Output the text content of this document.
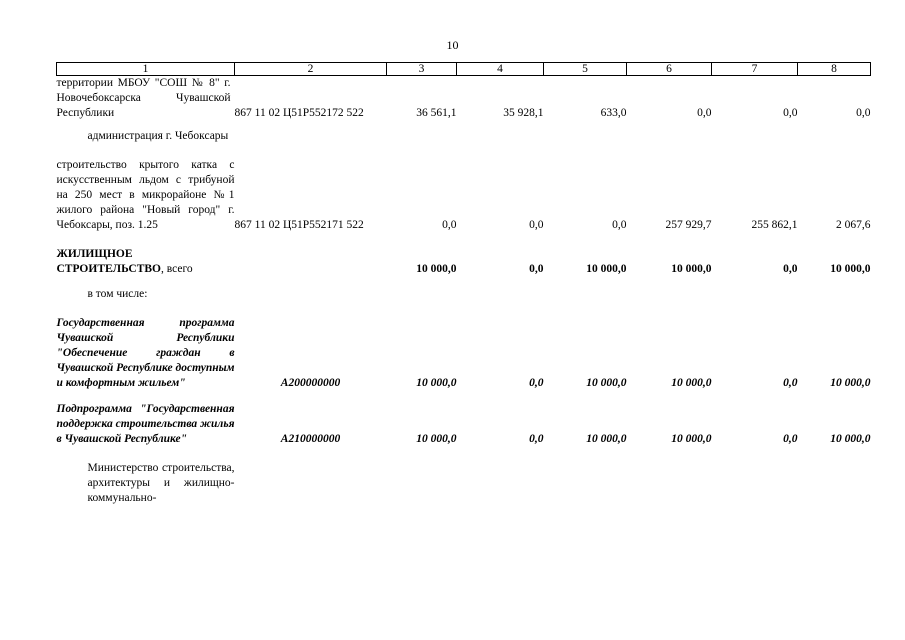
10
1	2	3	4	5	6	7	8
территории МБОУ "СОШ № 8" г. Новочебоксарска Чувашской Республики	867 11 02 Ц51Р552172 522	36 561,1	35 928,1	633,0	0,0	0,0	0,0

администрация г. Чебоксары							

строительство крытого катка с искусственным льдом с трибуной на 250 мест в микрорайоне №1 жилого района "Новый город" г. Чебоксары, поз. 1.25	867 11 02 Ц51Р552171 522	0,0	0,0	0,0	257 929,7	255 862,1	2 067,6

ЖИЛИЩНОЕ СТРОИТЕЛЬСТВО, всего		10 000,0	0,0	10 000,0	10 000,0	0,0	10 000,0

в том числе:							

Государственная программа Чувашской Республики "Обеспечение граждан в Чувашской Республике доступным и комфортным жильем"	А200000000	10 000,0	0,0	10 000,0	10 000,0	0,0	10 000,0

Подпрограмма "Государственная поддержка строительства жилья в Чувашской Республике"	А210000000	10 000,0	0,0	10 000,0	10 000,0	0,0	10 000,0

Министерство строительства, архитектуры и жилищно-коммунально-							
